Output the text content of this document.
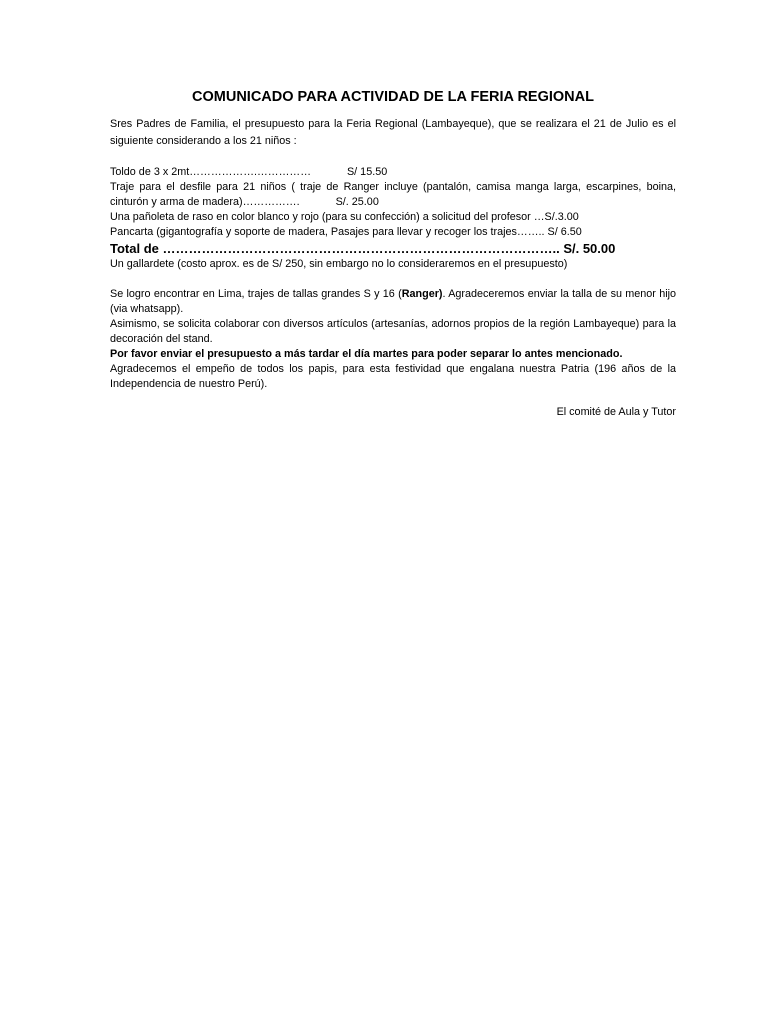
COMUNICADO PARA ACTIVIDAD DE LA FERIA REGIONAL

Sres Padres de Familia, el presupuesto para la Feria Regional (Lambayeque), que se realizara el 21 de Julio es el siguiente considerando a los 21 niños :

Toldo de 3 x 2mt……………….……………            S/ 15.50

Traje para el desfile para 21 niños ( traje de Ranger incluye (pantalón, camisa manga larga, escarpines, boina, cinturón y arma de madera)…………….            S/. 25.00

Una pañoleta de raso en color blanco y rojo (para su confección) a solicitud del profesor …S/.3.00

Pancarta (gigantografía y soporte de madera, Pasajes para llevar y recoger los trajes…….. S/ 6.50

Total de ……………………………………………………………………………….. S/. 50.00

Un gallardete (costo aprox. es de S/ 250, sin embargo no lo consideraremos en el presupuesto)

Se logro encontrar en Lima, trajes de tallas grandes S y 16 (Ranger). Agradeceremos enviar la talla de su menor hijo (via whatsapp).

Asimismo, se solicita colaborar con diversos artículos (artesanías, adornos propios de la región Lambayeque) para la decoración del stand.

Por favor enviar el presupuesto a más tardar el día martes para poder separar lo antes mencionado.

Agradecemos el empeño de todos los papis, para esta festividad que engalana nuestra Patria (196 años de la Independencia de nuestro Perú).

El comité de Aula y Tutor
